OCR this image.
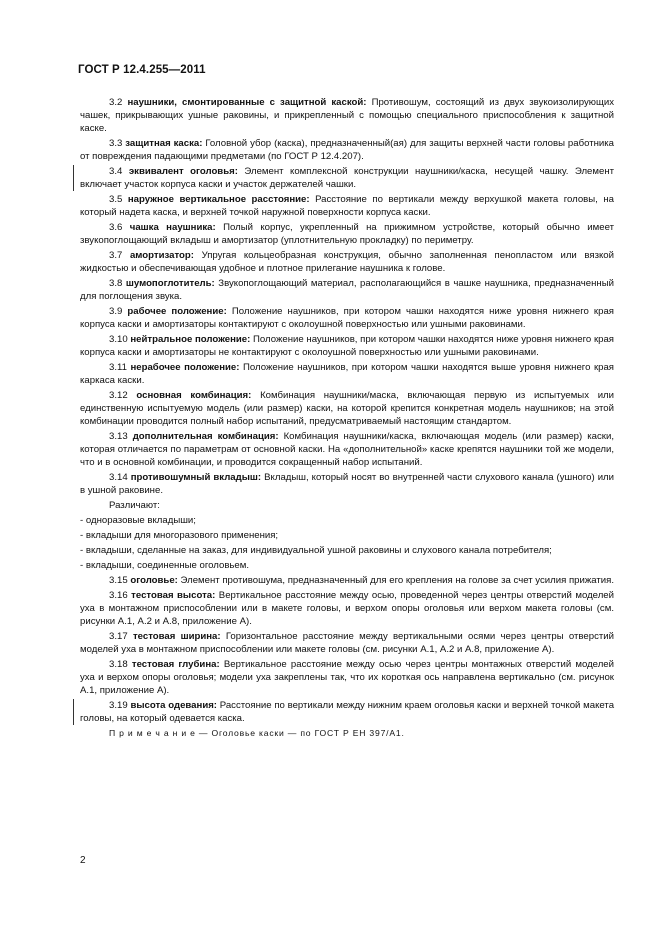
ГОСТ Р 12.4.255—2011

3.2 наушники, смонтированные с защитной каской: Противошум, состоящий из двух звукоизолирующих чашек, прикрывающих ушные раковины, и прикрепленный с помощью специального приспособления к защитной каске.

3.3 защитная каска: Головной убор (каска), предназначенный(ая) для защиты верхней части головы работника от повреждения падающими предметами (по ГОСТ Р 12.4.207).

3.4 эквивалент оголовья: Элемент комплексной конструкции наушники/каска, несущей чашку. Элемент включает участок корпуса каски и участок держателей чашки.

3.5 наружное вертикальное расстояние: Расстояние по вертикали между верхушкой макета головы, на который надета каска, и верхней точкой наружной поверхности корпуса каски.

3.6 чашка наушника: Полый корпус, укрепленный на прижимном устройстве, который обычно имеет звукопоглощающий вкладыш и амортизатор (уплотнительную прокладку) по периметру.

3.7 амортизатор: Упругая кольцеобразная конструкция, обычно заполненная пенопластом или вязкой жидкостью и обеспечивающая удобное и плотное прилегание наушника к голове.

3.8 шумопоглотитель: Звукопоглощающий материал, располагающийся в чашке наушника, предназначенный для поглощения звука.

3.9 рабочее положение: Положение наушников, при котором чашки находятся ниже уровня нижнего края корпуса каски и амортизаторы контактируют с околоушной поверхностью или ушными раковинами.

3.10 нейтральное положение: Положение наушников, при котором чашки находятся ниже уровня нижнего края корпуса каски и амортизаторы не контактируют с околоушной поверхностью или ушными раковинами.

3.11 нерабочее положение: Положение наушников, при котором чашки находятся выше уровня нижнего края каркаса каски.

3.12 основная комбинация: Комбинация наушники/маска, включающая первую из испытуемых или единственную испытуемую модель (или размер) каски, на которой крепится конкретная модель наушников; на этой комбинации проводится полный набор испытаний, предусматриваемый настоящим стандартом.

3.13 дополнительная комбинация: Комбинация наушники/каска, включающая модель (или размер) каски, которая отличается по параметрам от основной каски. На «дополнительной» каске крепятся наушники той же модели, что и в основной комбинации, и проводится сокращенный набор испытаний.

3.14 противошумный вкладыш: Вкладыш, который носят во внутренней части слухового канала (ушного) или в ушной раковине.

Различают:

- одноразовые вкладыши;

- вкладыши для многоразового применения;

- вкладыши, сделанные на заказ, для индивидуальной ушной раковины и слухового канала потребителя;

- вкладыши, соединенные оголовьем.

3.15 оголовье: Элемент противошума, предназначенный для его крепления на голове за счет усилия прижатия.

3.16 тестовая высота: Вертикальное расстояние между осью, проведенной через центры отверстий моделей уха в монтажном приспособлении или в макете головы, и верхом опоры оголовья или верхом макета головы (см. рисунки А.1, А.2 и А.8, приложение А).

3.17 тестовая ширина: Горизонтальное расстояние между вертикальными осями через центры отверстий моделей уха в монтажном приспособлении или макете головы (см. рисунки А.1, А.2 и А.8, приложение А).

3.18 тестовая глубина: Вертикальное расстояние между осью через центры монтажных отверстий моделей уха и верхом опоры оголовья; модели уха закреплены так, что их короткая ось направлена вертикально (см. рисунок А.1, приложение А).

3.19 высота одевания: Расстояние по вертикали между нижним краем оголовья каски и верхней точкой макета головы, на который одевается каска.

П р и м е ч а н и е — Оголовье каски — по ГОСТ Р ЕН 397/А1.

2
